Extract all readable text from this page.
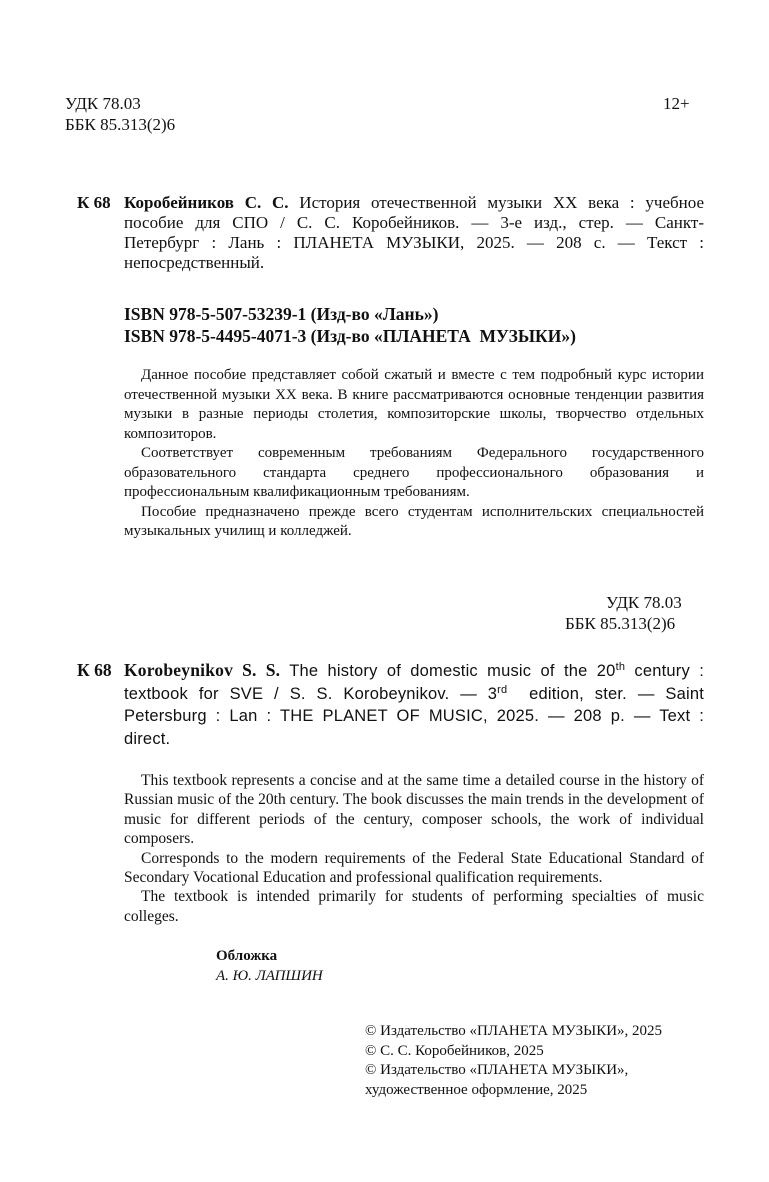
УДК 78.03
ББК 85.313(2)6
12+
К 68 Коробейников С. С. История отечественной музыки ХХ века : учебное
пособие для СПО / С. С. Коробейников. — 3-е изд., стер. — Санкт-
Петербург : Лань : ПЛАНЕТА МУЗЫКИ, 2025. — 208 с. — Текст :
непосредственный.
ISBN 978-5-507-53239-1 (Изд-во «Лань»)
ISBN 978-5-4495-4071-3 (Изд-во «ПЛАНЕТА  МУЗЫКИ»)

Данное пособие представляет собой сжатый и вместе с тем подробный курс истории отечественной музыки ХХ века. В книге рассматриваются основные тенденции развития музыки в разные периоды столетия, композиторские школы, творчество отдельных композиторов.

Соответствует современным требованиям Федерального государственного образовательного стандарта среднего профессионального образования и профессиональным квалификационным требованиям.

Пособие предназначено прежде всего студентам исполнительских специальностей музыкальных училищ и колледжей.

УДК 78.03
ББК 85.313(2)6
К 68 Korobeynikov S. S. The history of domestic music of the 20th century :
textbook for SVE / S. S. Korobeynikov. — 3rd  edition, ster. — Saint
Petersburg : Lan : THE PLANET OF MUSIC, 2025. — 208 p. — Text :
direct.

This textbook represents a concise and at the same time a detailed course in the history of Russian music of the 20th century. The book discusses the main trends in the development of music for different periods of the century, composer schools, the work of individual composers.

Corresponds to the modern requirements of the Federal State Educational Standard of Secondary Vocational Education and professional qualification requirements.

The textbook is intended primarily for students of performing specialties of music colleges.

Обложка
А. Ю. ЛАПШИН
© Издательство «ПЛАНЕТА МУЗЫКИ», 2025
© С. С. Коробейников, 2025
© Издательство «ПЛАНЕТА МУЗЫКИ»,
художественное оформление, 2025
